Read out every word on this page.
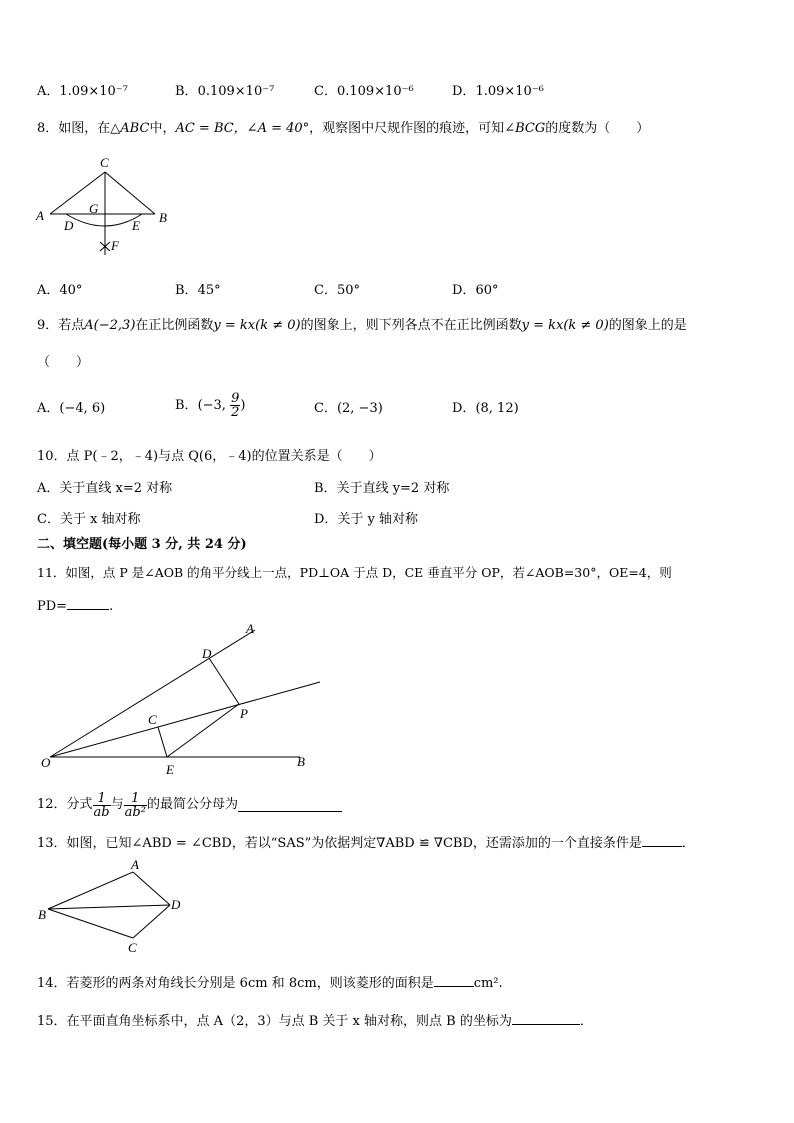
A．1.09×10⁻⁷	B．0.109×10⁻⁷	C．0.109×10⁻⁶	D．1.09×10⁻⁶
8．如图，在△ABC中，AC = BC，∠A = 40°，观察图中尺规作图的痕迹，可知∠BCG的度数为（　　）
A	B
C
D	E
F
G
A．40°	B．45°	C．50°	D．60°
9．若点A(−2,3)在正比例函数y = kx(k ≠ 0)的图象上，则下列各点不在正比例函数y = kx(k ≠ 0)的图象上的是
（　　）
A．(−4, 6)	B．(−3, $\frac{9}{2}$ )	C．(2, −3)	D．(8, 12)
10．点 P(﹣2，﹣4)与点 Q(6，﹣4)的位置关系是（　　）
A．关于直线 x=2 对称	B．关于直线 y=2 对称
C．关于 x 轴对称	D．关于 y 轴对称
二、填空题(每小题 3 分, 共 24 分)
11．如图，点 P 是∠AOB 的角平分线上一点，PD⊥OA 于点 D，CE 垂直平分 OP，若∠AOB=30°，OE=4，则
PD=	.
A
B
C
D
E
O
P
12．分式 $\frac{1}{ab}$ 与 $\frac{1}{\text{ab²}}$ 的最简公分母为
13．如图，已知∠ABD = ∠CBD，若以“SAS”为依据判定∇ABD ≌ ∇CBD，还需添加的一个直接条件是	．
A
B
C
D
14．若菱形的两条对角线长分别是 6cm 和 8cm，则该菱形的面积是	cm².
15．在平面直角坐标系中，点 A（2，3）与点 B 关于 x 轴对称，则点 B 的坐标为	．
